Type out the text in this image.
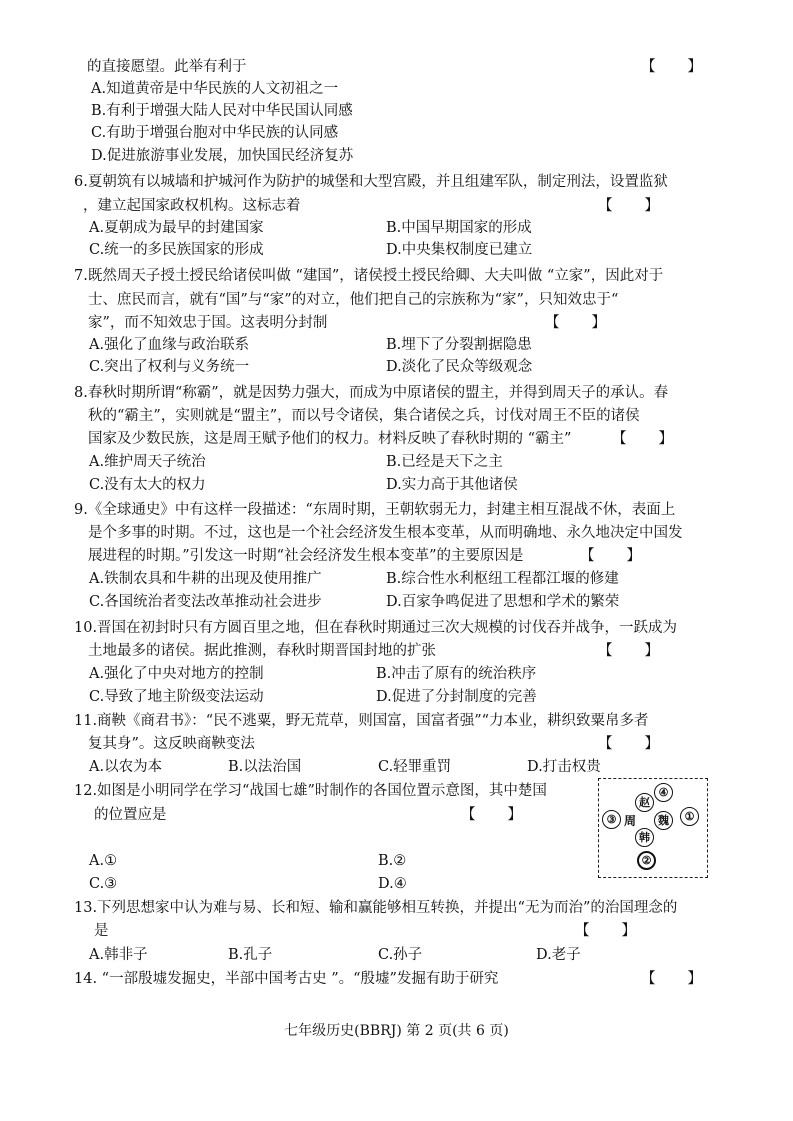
的直接愿望。此举有利于	【　　】
A.知道黄帝是中华民族的人文初祖之一
B.有利于增强大陆人民对中华民国认同感
C.有助于增强台胞对中华民族的认同感
D.促进旅游事业发展，加快国民经济复苏
6.夏朝筑有以城墙和护城河作为防护的城堡和大型宫殿，并且组建军队，制定刑法，设置监狱
，建立起国家政权机构。这标志着	【　　】
A.夏朝成为最早的封建国家	B.中国早期国家的形成
C.统一的多民族国家的形成	D.中央集权制度已建立
7.既然周天子授土授民给诸侯叫做 “建国”，诸侯授土授民给卿、大夫叫做 “立家”，因此对于
士、庶民而言，就有“国”与“家”的对立，他们把自己的宗族称为“家”，只知效忠于“
家”，而不知效忠于国。这表明分封制	【　　】
A.强化了血缘与政治联系	B.埋下了分裂割据隐患
C.突出了权利与义务统一	D.淡化了民众等级观念
8.春秋时期所谓“称霸”，就是因势力强大，而成为中原诸侯的盟主，并得到周天子的承认。春
秋的“霸主”，实则就是“盟主”，而以号令诸侯，集合诸侯之兵，讨伐对周王不臣的诸侯
国家及少数民族，这是周王赋予他们的权力。材料反映了春秋时期的 “霸主”	【　　】
A.维护周天子统治	B.已经是天下之主
C.没有太大的权力	D.实力高于其他诸侯
9.《全球通史》中有这样一段描述：“东周时期，王朝软弱无力，封建主相互混战不休，表面上
是个多事的时期。不过，这也是一个社会经济发生根本变革，从而明确地、永久地决定中国发
展进程的时期。”引发这一时期“社会经济发生根本变革”的主要原因是	【　　】
A.铁制农具和牛耕的出现及使用推广	B.综合性水利枢纽工程都江堰的修建
C.各国统治者变法改革推动社会进步	D.百家争鸣促进了思想和学术的繁荣
10.晋国在初封时只有方圆百里之地，但在春秋时期通过三次大规模的讨伐吞并战争，一跃成为
土地最多的诸侯。据此推测，春秋时期晋国封地的扩张	【　　】
A.强化了中央对地方的控制	B.冲击了原有的统治秩序
C.导致了地主阶级变法运动	D.促进了分封制度的完善
11.商鞅《商君书》：“民不逃粟，野无荒草，则国富，国富者强”“力本业，耕织致粟帛多者
复其身”。这反映商鞅变法	【　　】
A.以农为本	B.以法治国	C.轻罪重罚	D.打击权贵
12.如图是小明同学在学习“战国七雄”时制作的各国位置示意图，其中楚国
的位置应是	【　　】
A.①	B.②
C.③	D.④
④
①
③
②
赵
魏
周
韩
13.下列思想家中认为难与易、长和短、输和赢能够相互转换，并提出“无为而治”的治国理念的
是	【　　】
A.韩非子	B.孔子	C.孙子	D.老子
14. “一部殷墟发掘史，半部中国考古史 ”。“殷墟”发掘有助于研究	【　　】
七年级历史(BBRJ) 第 2 页(共 6 页)
